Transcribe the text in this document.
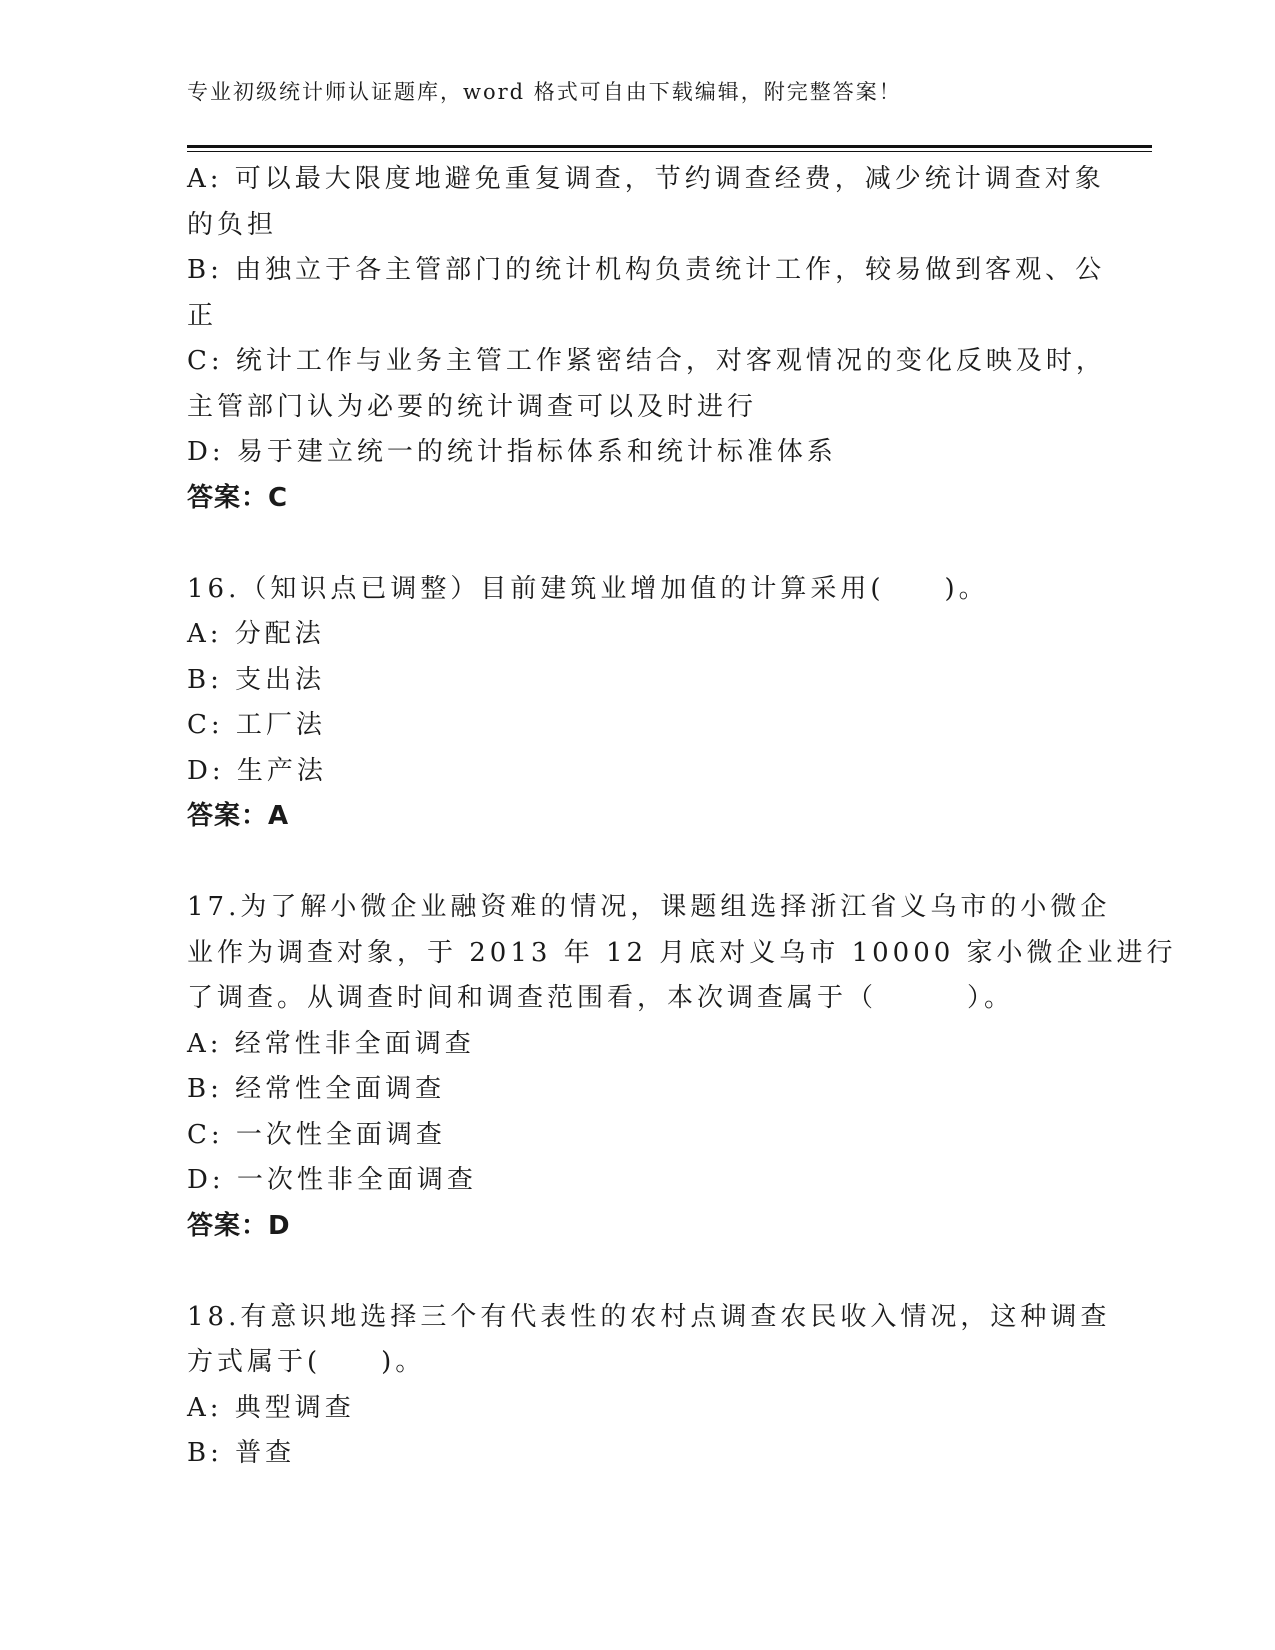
专业初级统计师认证题库，word 格式可自由下载编辑，附完整答案！
A: 可以最大限度地避免重复调查，节约调查经费，减少统计调查对象
的负担
B: 由独立于各主管部门的统计机构负责统计工作，较易做到客观、公
正
C: 统计工作与业务主管工作紧密结合，对客观情况的变化反映及时，
主管部门认为必要的统计调查可以及时进行
D: 易于建立统一的统计指标体系和统计标准体系
答案：C
16.（知识点已调整）目前建筑业增加值的计算采用(　　)。
A: 分配法
B: 支出法
C: 工厂法
D: 生产法
答案：A
17.为了解小微企业融资难的情况，课题组选择浙江省义乌市的小微企
业作为调查对象，于 2013 年 12 月底对义乌市 10000 家小微企业进行
了调查。从调查时间和调查范围看，本次调查属于（　　　）。
A: 经常性非全面调查
B: 经常性全面调查
C: 一次性全面调查
D: 一次性非全面调查
答案：D
18.有意识地选择三个有代表性的农村点调查农民收入情况，这种调查
方式属于(　　)。
A: 典型调查
B: 普查
